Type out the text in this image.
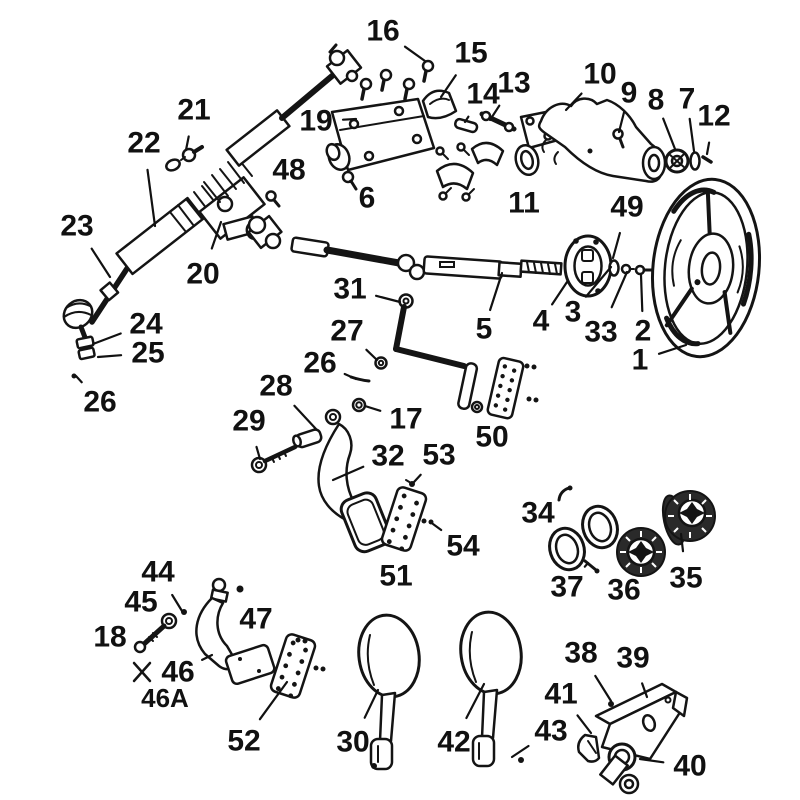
16
15
14
13 10
9 8 7
12
11 49
21
22
19
48
6
23
20	31
24
25
26
26
27	5 4 3
33 2
1
17
28
29
32
50
53
54
51
34
37 36 35
44
45
18
46
46A
47
52	30 42 43
38 39
41
40
